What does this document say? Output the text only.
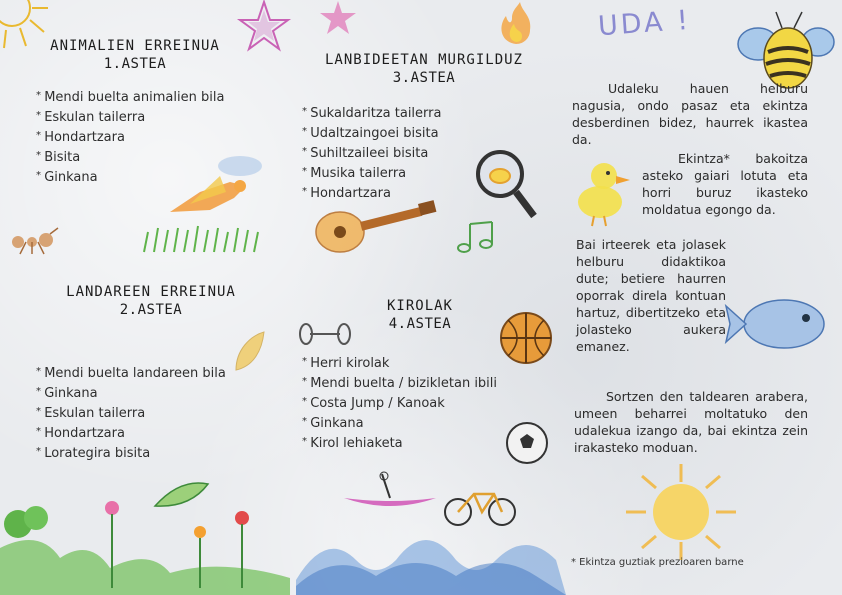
ANIMALIEN ERREINUA
1.ASTEA
* Mendi buelta animalien bila
* Eskulan tailerra
* Hondartzara
* Bisita
* Ginkana
LANDAREEN ERREINUA
2.ASTEA
* Mendi buelta landareen bila
* Ginkana
* Eskulan tailerra
* Hondartzara
* Lorategira bisita
LANBIDEETAN MURGILDUZ
3.ASTEA
* Sukaldaritza tailerra
* Udaltzaingoei bisita
* Suhiltzaileei bisita
* Musika tailerra
* Hondartzara
KIROLAK
4.ASTEA
* Herri kirolak
* Mendi buelta / bizikletan ibili
* Costa Jump / Kanoak
* Ginkana
* Kirol lehiaketa
UDA !
Udaleku hauen helburu nagusia, ondo pasaz eta ekintza desberdinen bidez, haurrek ikastea da.
Ekintza* bakoitza asteko gaiari lotuta eta horri buruz ikasteko moldatua egongo da.
Bai irteerek eta jolasek helburu didaktikoa dute; betiere haurren oporrak direla kontuan hartuz, dibertitzeko eta jolasteko aukera emanez.
Sortzen den taldearen arabera, umeen beharrei moltatuko den udalekua izango da, bai ekintza zein irakasteko moduan.
* Ekintza guztiak prezioaren barne
